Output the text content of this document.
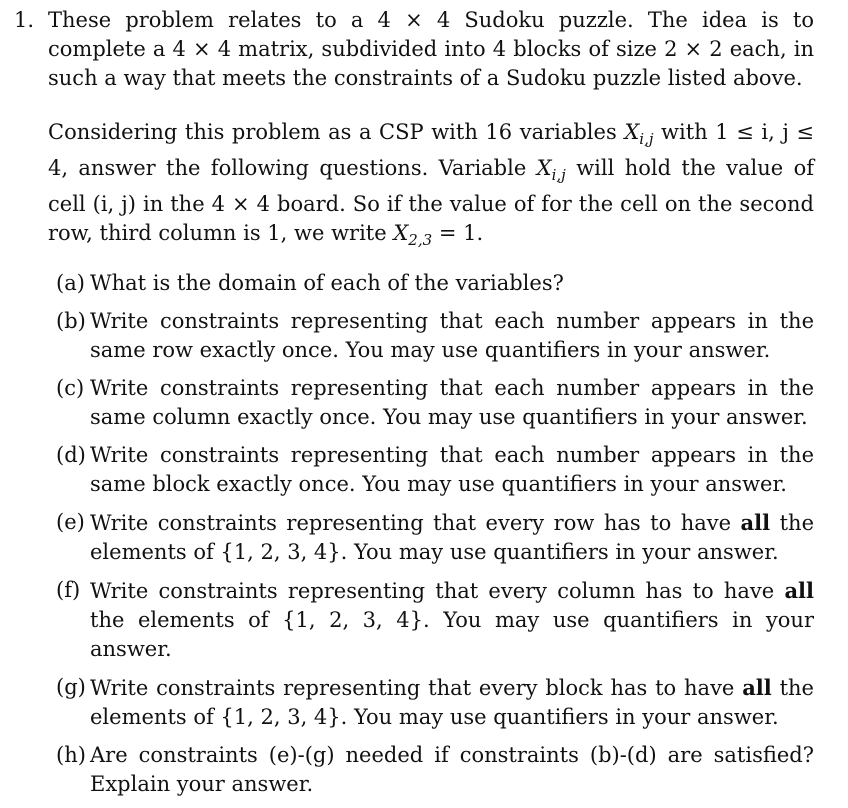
1. These problem relates to a 4 × 4 Sudoku puzzle. The idea is to complete a 4 × 4 matrix, subdivided into 4 blocks of size 2 × 2 each, in such a way that meets the constraints of a Sudoku puzzle listed above.

Considering this problem as a CSP with 16 variables $X_{i,j}$ with 1 ≤ i, j ≤ 4, answer the following questions. Variable $X_{i,j}$ will hold the value of cell (i, j) in the 4 × 4 board. So if the value of for the cell on the second row, third column is 1, we write $X_{2,3} = 1$.

(a) What is the domain of each of the variables?
(b) Write constraints representing that each number appears in the same row exactly once. You may use quantifiers in your answer.
(c) Write constraints representing that each number appears in the same column exactly once. You may use quantifiers in your answer.
(d) Write constraints representing that each number appears in the same block exactly once. You may use quantifiers in your answer.
(e) Write constraints representing that every row has to have all the elements of {1, 2, 3, 4}. You may use quantifiers in your answer.
(f) Write constraints representing that every column has to have all the elements of {1, 2, 3, 4}. You may use quantifiers in your answer.
(g) Write constraints representing that every block has to have all the elements of {1, 2, 3, 4}. You may use quantifiers in your answer.
(h) Are constraints (e)-(g) needed if constraints (b)-(d) are satisfied? Explain your answer.
